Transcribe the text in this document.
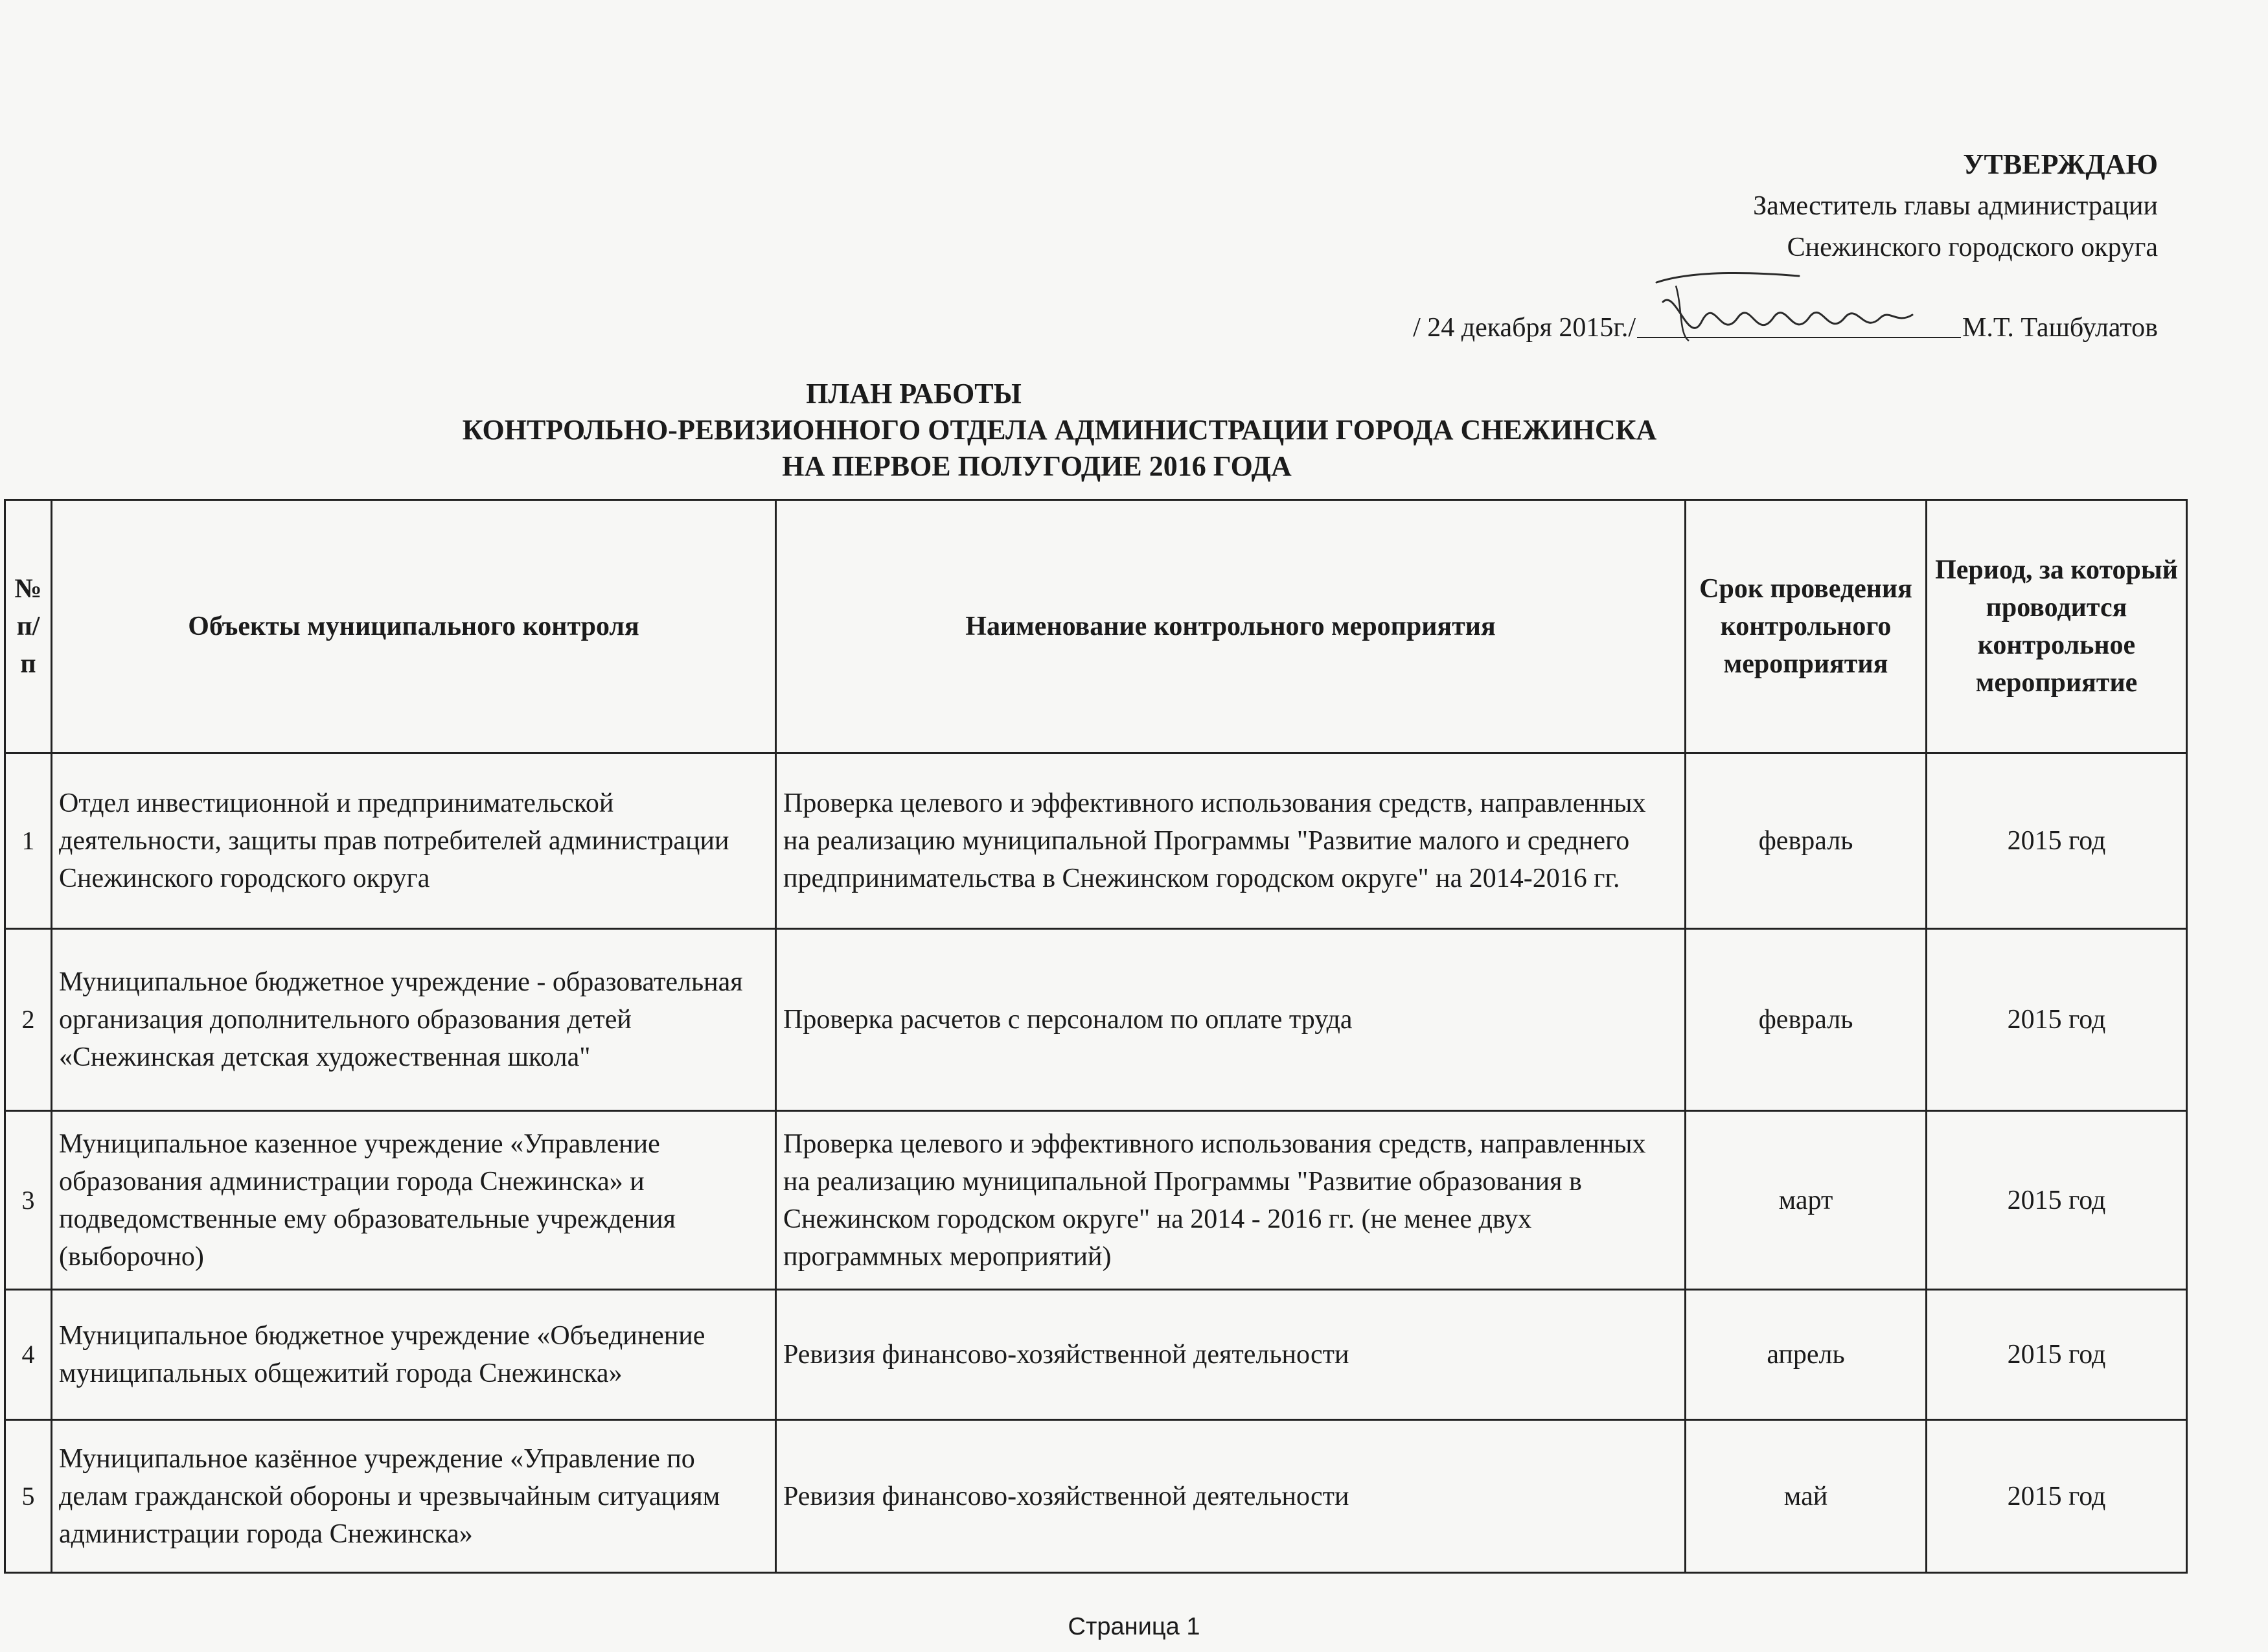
УТВЕРЖДАЮ
Заместитель главы администрации
Снежинского городского округа
/ 24 декабря 2015г./	М.Т. Ташбулатов
ПЛАН РАБОТЫ
КОНТРОЛЬНО-РЕВИЗИОННОГО ОТДЕЛА АДМИНИСТРАЦИИ ГОРОДА СНЕЖИНСКА
НА ПЕРВОЕ ПОЛУГОДИЕ 2016 ГОДА
№ п/п	Объекты муниципального контроля	Наименование контрольного мероприятия	Срок проведения контрольного мероприятия	Период, за который проводится контрольное мероприятие
1	Отдел инвестиционной и предпринимательской деятельности, защиты прав потребителей администрации Снежинского городского округа	Проверка целевого и эффективного использования средств, направленных на реализацию муниципальной Программы "Развитие малого и среднего предпринимательства в Снежинском городском округе" на 2014-2016 гг.	февраль	2015 год
2	Муниципальное бюджетное учреждение - образовательная организация дополнительного образования детей «Снежинская детская художественная школа"	Проверка расчетов с персоналом по оплате труда	февраль	2015 год
3	Муниципальное казенное учреждение «Управление образования администрации города Снежинска» и подведомственные ему образовательные учреждения (выборочно)	Проверка целевого и эффективного использования средств, направленных на реализацию муниципальной Программы "Развитие образования в Снежинском городском округе" на 2014 - 2016 гг. (не менее двух программных мероприятий)	март	2015 год
4	Муниципальное бюджетное учреждение «Объединение муниципальных общежитий города Снежинска»	Ревизия финансово-хозяйственной деятельности	апрель	2015 год
5	Муниципальное казённое учреждение «Управление по делам гражданской обороны и чрезвычайным ситуациям администрации города Снежинска»	Ревизия финансово-хозяйственной деятельности	май	2015 год
Страница 1
